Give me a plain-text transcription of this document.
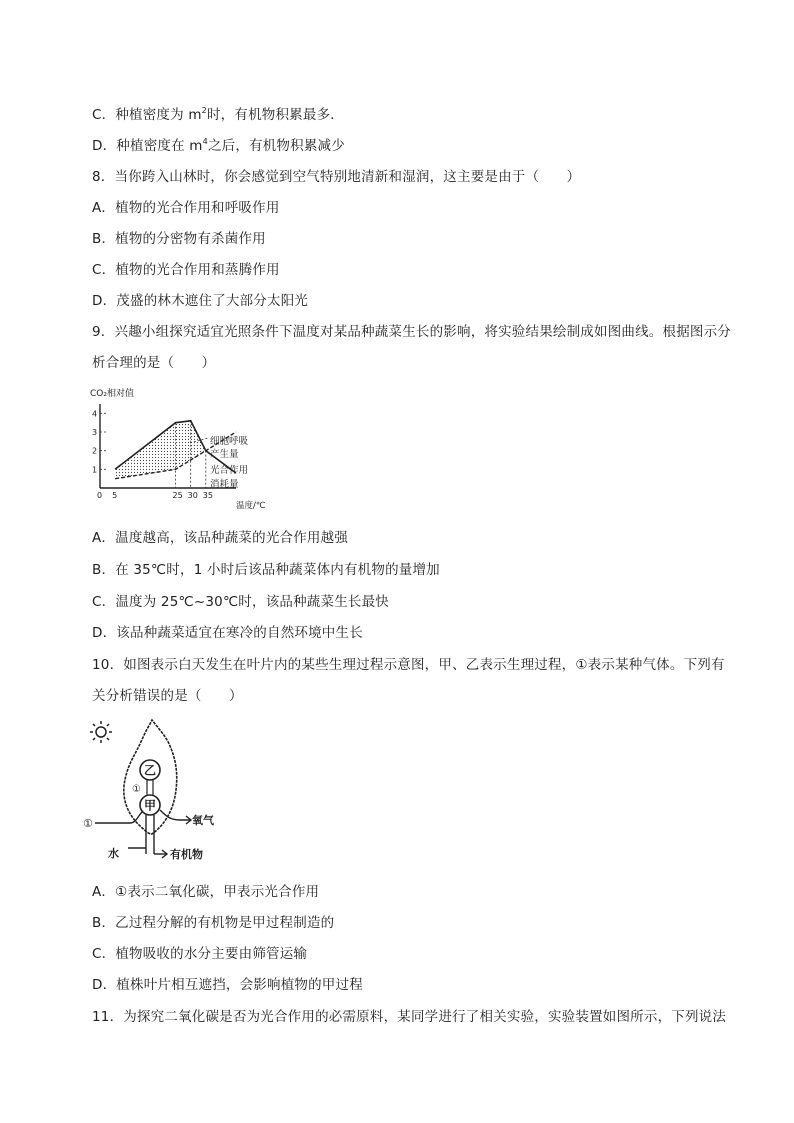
C．种植密度为 $m^2$时，有机物积累最多．
D．种植密度在 $m^4$之后，有机物积累减少
8．当你跨入山林时，你会感觉到空气特别地清新和湿润，这主要是由于（　　）
A．植物的光合作用和呼吸作用
B．植物的分密物有杀菌作用
C．植物的光合作用和蒸腾作用
D．茂盛的林木遮住了大部分太阳光
9．兴趣小组探究适宜光照条件下温度对某品种蔬菜生长的影响，将实验结果绘制成如图曲线。根据图示分
析合理的是（　　）
CO₂相对值
1
2
3
4
0 5	25 30 35
细胞呼吸
产生量
光合作用
消耗量
温度/℃
A．温度越高，该品种蔬菜的光合作用越强
B．在 35℃时，1 小时后该品种蔬菜体内有机物的量增加
C．温度为 25℃~30℃时，该品种蔬菜生长最快
D．该品种蔬菜适宜在寒冷的自然环境中生长
10．如图表示白天发生在叶片内的某些生理过程示意图，甲、乙表示生理过程，①表示某种气体。下列有
关分析错误的是（　　）
乙
甲
①
①	氧气
水	有机物
A．①表示二氧化碳，甲表示光合作用
B．乙过程分解的有机物是甲过程制造的
C．植物吸收的水分主要由筛管运输
D．植株叶片相互遮挡，会影响植物的甲过程
11．为探究二氧化碳是否为光合作用的必需原料，某同学进行了相关实验，实验装置如图所示，下列说法
